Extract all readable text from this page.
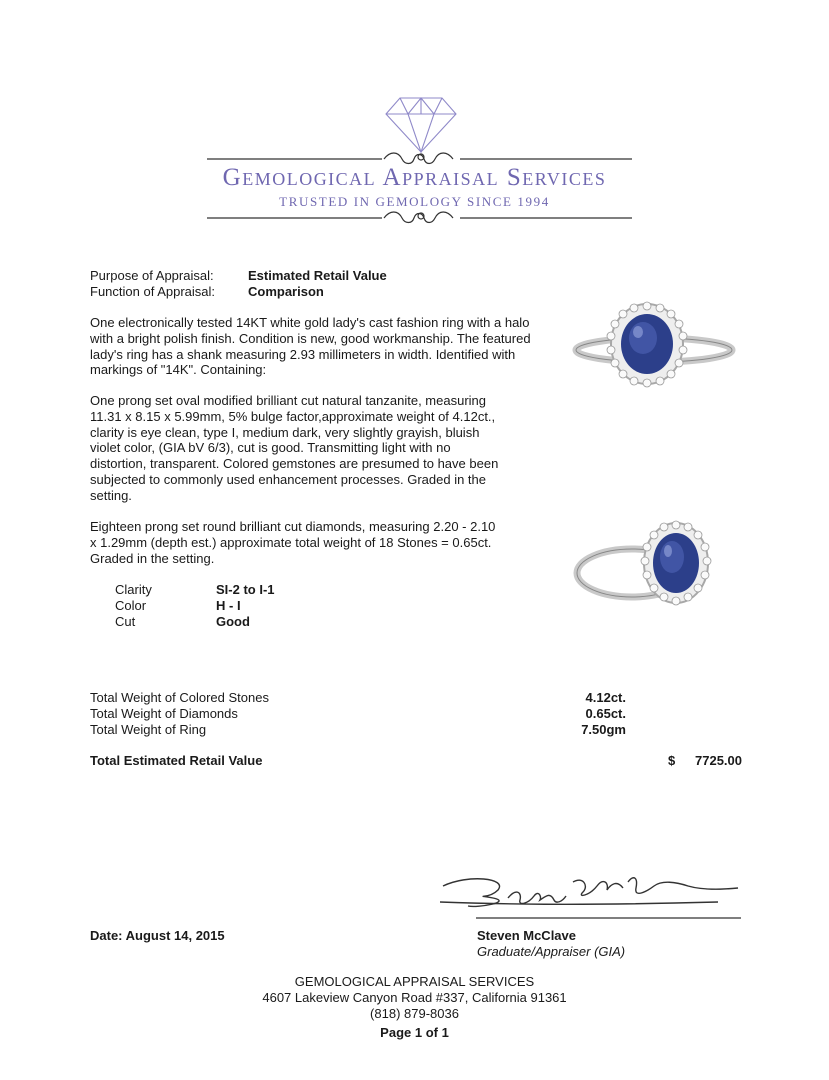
Gemological Appraisal Services
TRUSTED IN GEMOLOGY SINCE 1994
Purpose of Appraisal:	Estimated Retail Value
Function of Appraisal:	Comparison

One electronically tested 14KT white gold lady's cast fashion ring with a halo with a bright polish finish. Condition is new, good workmanship. The featured lady's ring has a shank measuring 2.93 millimeters in width. Identified with markings of "14K". Containing:

One prong set oval modified brilliant cut natural tanzanite, measuring 11.31 x 8.15 x 5.99mm, 5% bulge factor,approximate weight of 4.12ct., clarity is eye clean, type I, medium dark, very slightly grayish, bluish violet color, (GIA bV 6/3), cut is good. Transmitting light with no distortion, transparent. Colored gemstones are presumed to have been subjected to commonly used enhancement processes. Graded in the setting.

Eighteen prong set round brilliant cut diamonds, measuring 2.20 - 2.10 x 1.29mm (depth est.) approximate total weight of 18 Stones = 0.65ct. Graded in the setting.

Clarity	SI-2 to I-1
Color	H - I
Cut	Good
Total Weight of Colored Stones	4.12ct.
Total Weight of Diamonds	0.65ct.
Total Weight of Ring	7.50gm
Total Estimated Retail Value	$	7725.00
Date: August 14, 2015	Steven McClave
Graduate/Appraiser (GIA)
GEMOLOGICAL APPRAISAL SERVICES
4607 Lakeview Canyon Road #337, California 91361
(818) 879-8036
Page 1 of 1
